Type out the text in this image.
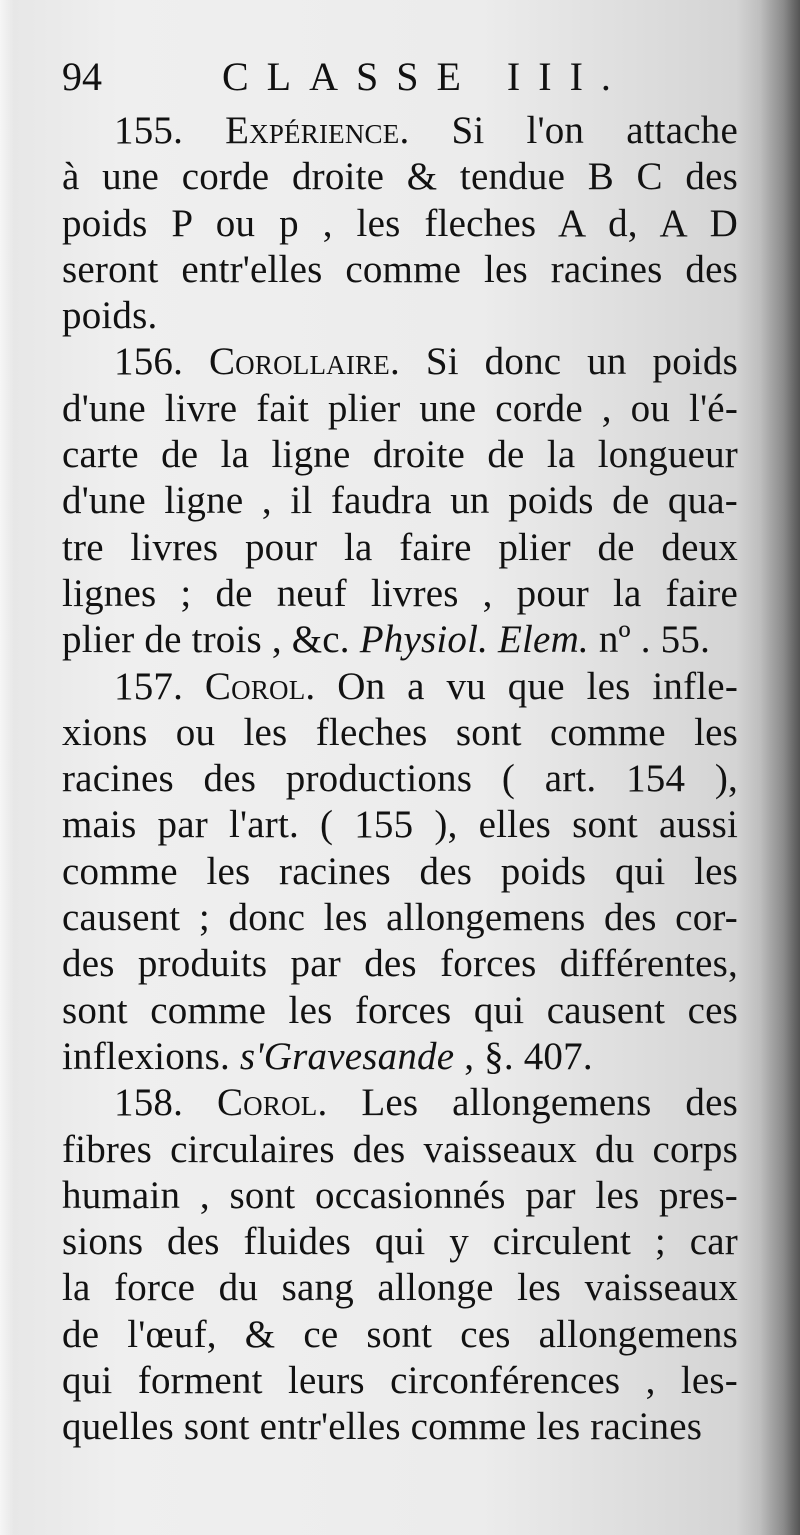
94	CLASSE III.
155. Expérience. Si l'on attache
à une corde droite & tendue B C des
poids P ou p , les fleches A d, A D
seront entr'elles comme les racines des
poids.
156. Corollaire. Si donc un poids
d'une livre fait plier une corde , ou l'é-
carte de la ligne droite de la longueur
d'une ligne , il faudra un poids de qua-
tre livres pour la faire plier de deux
lignes ; de neuf livres , pour la faire
plier de trois , &c. Physiol. Elem. nº . 55.
157. Corol. On a vu que les infle-
xions ou les fleches sont comme les
racines des productions ( art. 154 ),
mais par l'art. ( 155 ), elles sont aussi
comme les racines des poids qui les
causent ; donc les allongemens des cor-
des produits par des forces différentes,
sont comme les forces qui causent ces
inflexions. s'Gravesande , §. 407.
158. Corol. Les allongemens des
fibres circulaires des vaisseaux du corps
humain , sont occasionnés par les pres-
sions des fluides qui y circulent ; car
la force du sang allonge les vaisseaux
de l'œuf, & ce sont ces allongemens
qui forment leurs circonférences , les-
quelles sont entr'elles comme les racines
